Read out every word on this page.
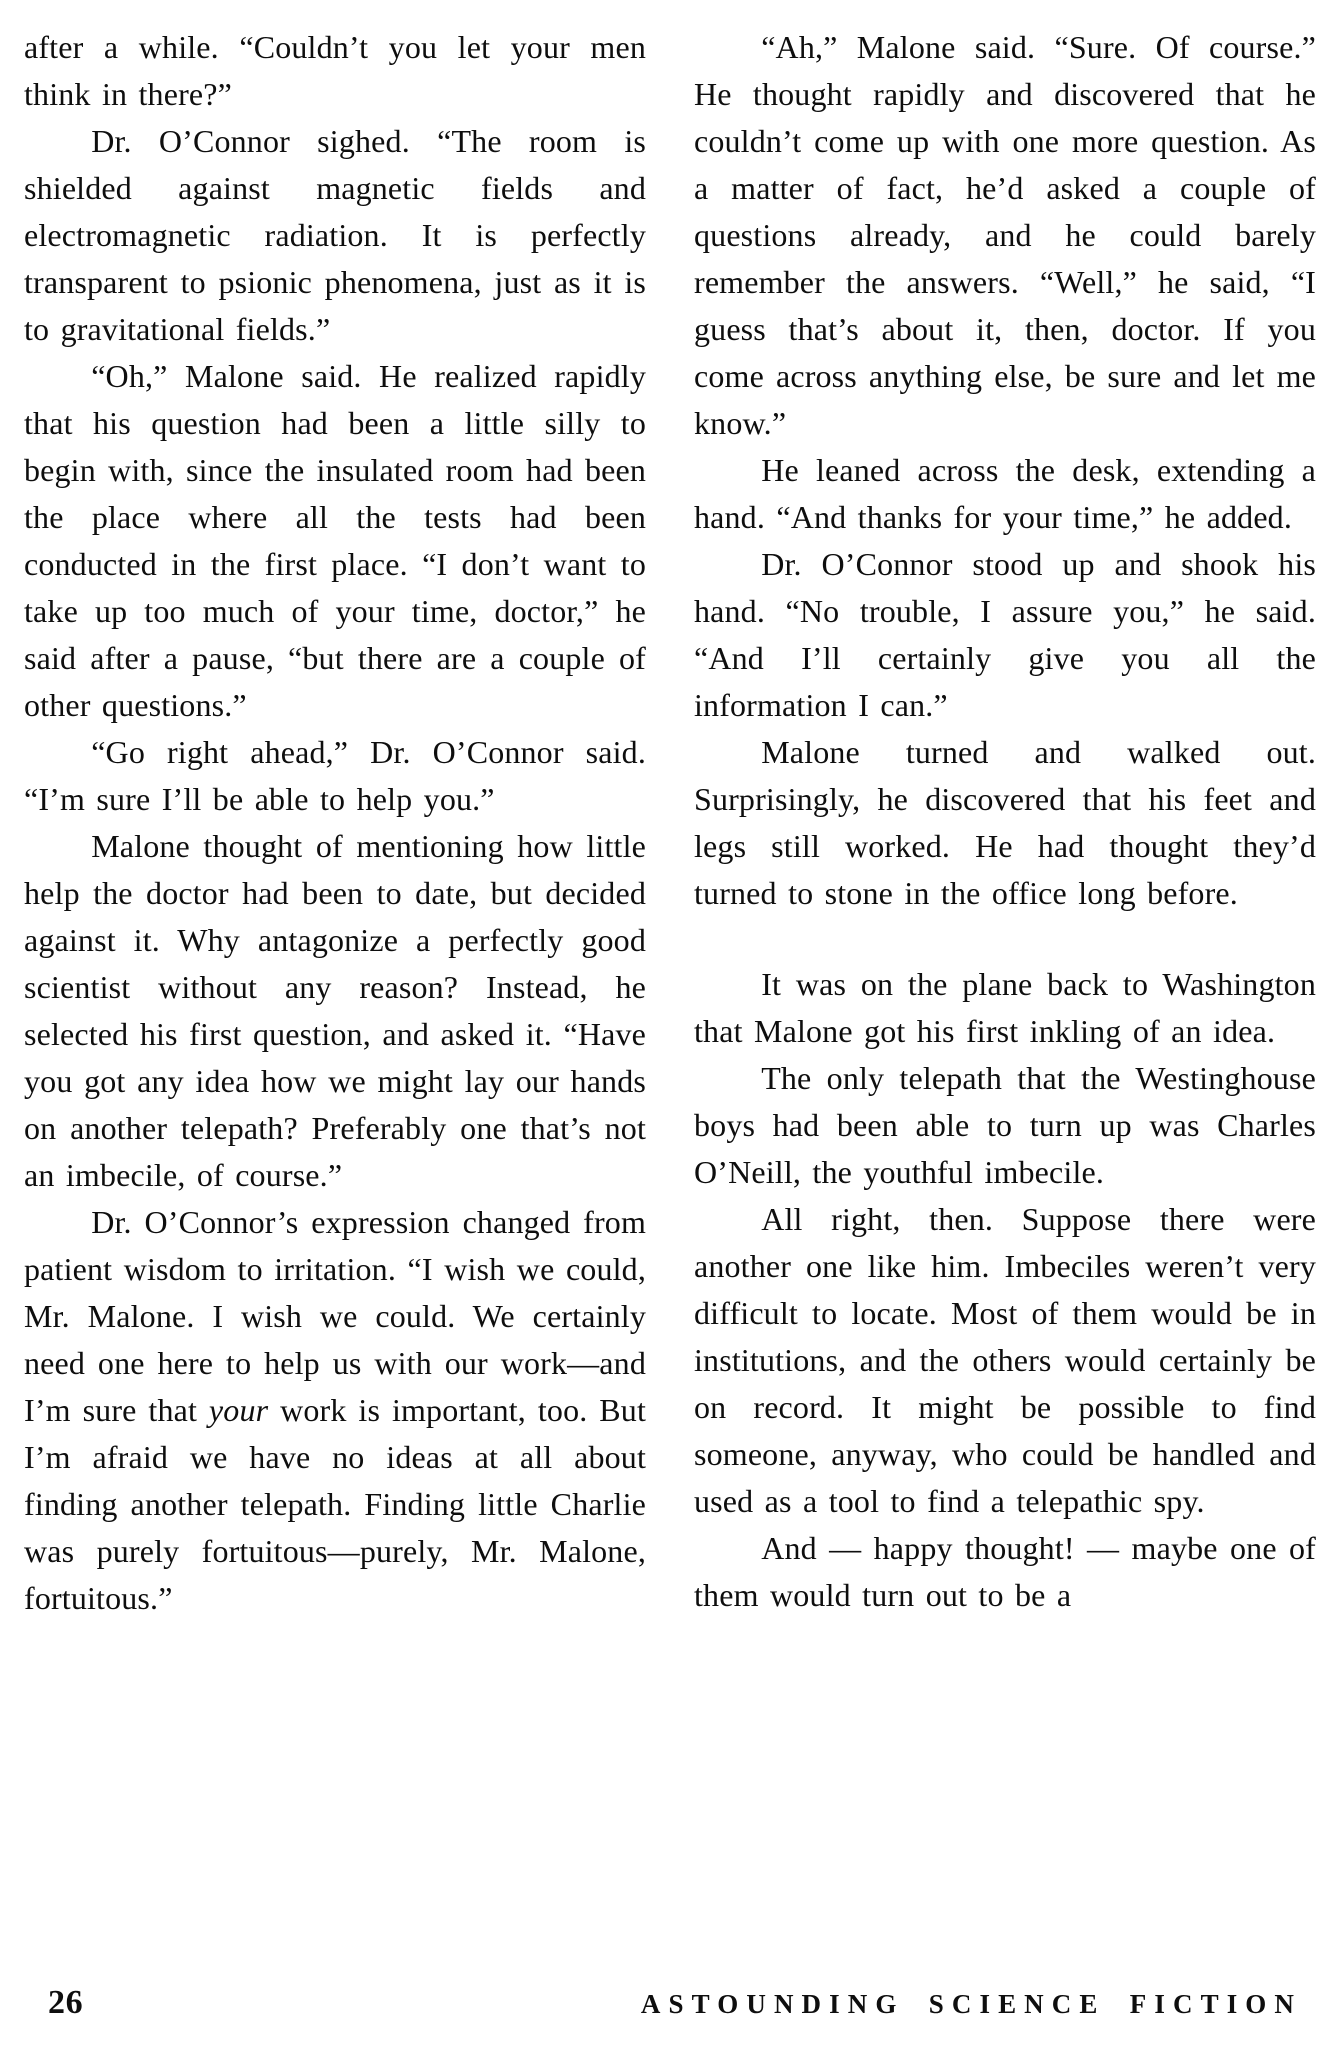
after a while. “Couldn’t you let your men think in there?”

Dr. O’Connor sighed. “The room is shielded against magnetic fields and electromagnetic radiation. It is perfectly transparent to psionic phenomena, just as it is to gravitational fields.”

“Oh,” Malone said. He realized rapidly that his question had been a little silly to begin with, since the insulated room had been the place where all the tests had been conducted in the first place. “I don’t want to take up too much of your time, doctor,” he said after a pause, “but there are a couple of other questions.”

“Go right ahead,” Dr. O’Connor said. “I’m sure I’ll be able to help you.”

Malone thought of mentioning how little help the doctor had been to date, but decided against it. Why antagonize a perfectly good scientist without any reason? Instead, he selected his first question, and asked it. “Have you got any idea how we might lay our hands on another telepath? Preferably one that’s not an imbecile, of course.”

Dr. O’Connor’s expression changed from patient wisdom to irritation. “I wish we could, Mr. Malone. I wish we could. We certainly need one here to help us with our work—and I’m sure that your work is important, too. But I’m afraid we have no ideas at all about finding another telepath. Finding little Charlie was purely fortuitous—purely, Mr. Malone, fortuitous.”

“Ah,” Malone said. “Sure. Of course.” He thought rapidly and discovered that he couldn’t come up with one more question. As a matter of fact, he’d asked a couple of questions already, and he could barely remember the answers. “Well,” he said, “I guess that’s about it, then, doctor. If you come across anything else, be sure and let me know.”

He leaned across the desk, extending a hand. “And thanks for your time,” he added.

Dr. O’Connor stood up and shook his hand. “No trouble, I assure you,” he said. “And I’ll certainly give you all the information I can.”

Malone turned and walked out. Surprisingly, he discovered that his feet and legs still worked. He had thought they’d turned to stone in the office long before.

It was on the plane back to Washington that Malone got his first inkling of an idea.

The only telepath that the Westinghouse boys had been able to turn up was Charles O’Neill, the youthful imbecile.

All right, then. Suppose there were another one like him. Imbeciles weren’t very difficult to locate. Most of them would be in institutions, and the others would certainly be on record. It might be possible to find someone, anyway, who could be handled and used as a tool to find a telepathic spy.

And — happy thought! — maybe one of them would turn out to be a

26	ASTOUNDING SCIENCE FICTION
